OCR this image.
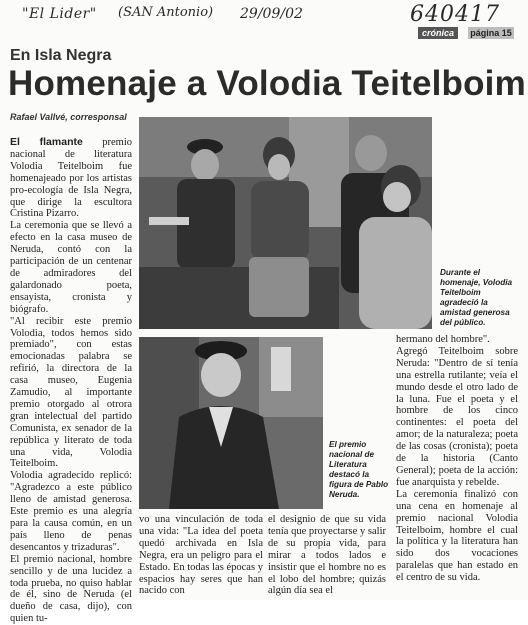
"El Lider" (SAN Antonio) 29/09/02	640417
crónica	página 15
En Isla Negra
Homenaje a Volodia Teitelboim
Rafael Vallvé, corresponsal

El flamante premio nacional de literatura Volodia Teitelboim fue homenajeado por los artistas pro-ecología de Isla Negra, que dirige la escultora Cristina Pizarro.

La ceremonia que se llevó a efecto en la casa museo de Neruda, contó con la participación de un centenar de admiradores del galardonado poeta, ensayista, cronista y biógrafo.

"Al recibir este premio Volodia, todos hemos sido premiado", con estas emocionadas palabra se refirió, la directora de la casa museo, Eugenia Zamudio, al importante premio otorgado al otrora gran intelectual del partido Comunista, ex senador de la república y literato de toda una vida, Volodia Teitelboim.

Volodia agradecido replicó: "Agradezco a este público lleno de amistad generosa. Este premio es una alegría para la causa común, en un país lleno de penas desencantos y trizaduras".

El premio nacional, hombre sencillo y de una lucidez a toda prueba, no quiso hablar de él, sino de Neruda (el dueño de casa, dijo), con quien tu-

Durante el homenaje, Volodia Teitelboim agradeció la amistad generosa del público.
El premio nacional de Literatura destacó la figura de Pablo Neruda.

vo una vinculación de toda una vida: "La idea del poeta quedó archivada en Isla Negra, era un peligro para el Estado. En todas las épocas y espacios hay seres que han nacido con

el designio de que su vida tenía que proyectarse y salir de su propia vida, para mirar a todos lados e insistir que el hombre no es el lobo del hombre; quizás algún día sea el

hermano del hombre".

Agregó Teitelboim sobre Neruda: "Dentro de sí tenía una estrella rutilante; veía el mundo desde el otro lado de la luna. Fue el poeta y el hombre de los cinco continentes: el poeta del amor; de la naturaleza; poeta de las cosas (cronista); poeta de la historia (Canto General); poeta de la acción: fue anarquista y rebelde.

La ceremonia finalizó con una cena en homenaje al premio nacional Volodia Teitelboim, hombre el cual la política y la literatura han sido dos vocaciones paralelas que han estado en el centro de su vida.
